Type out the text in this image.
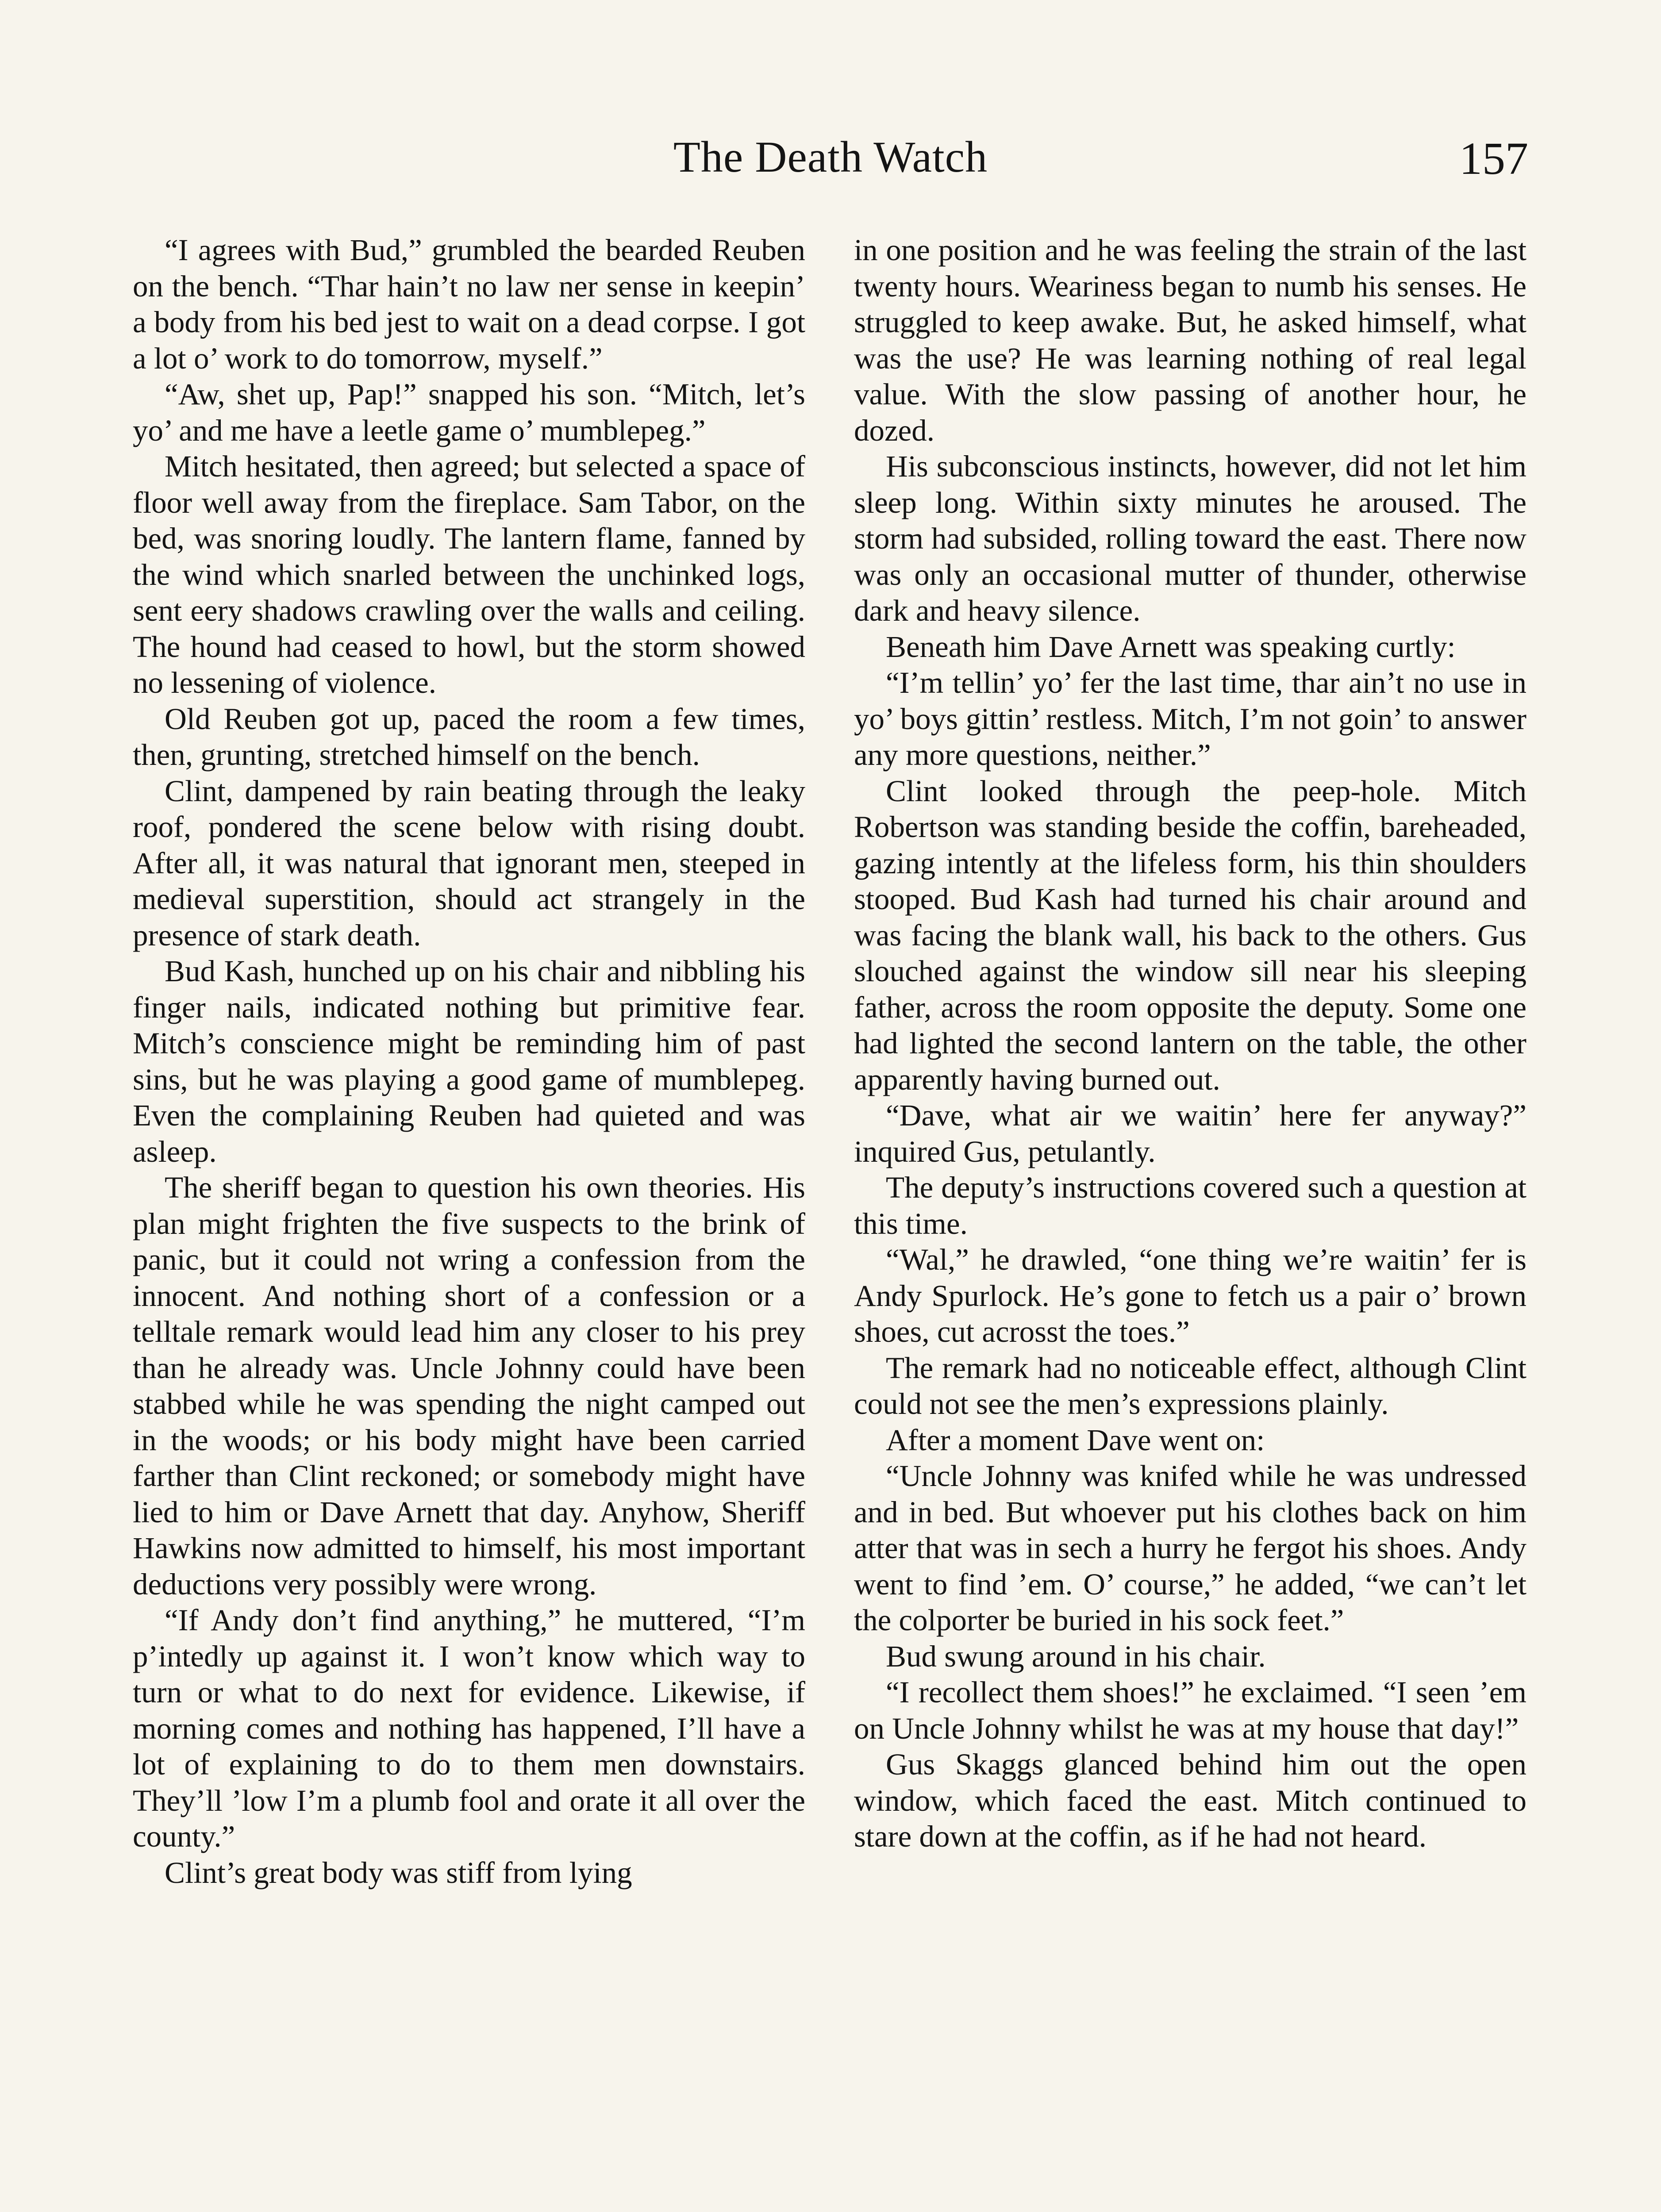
The Death Watch	157

“I agrees with Bud,” grumbled the bearded Reuben on the bench. “Thar hain’t no law ner sense in keepin’ a body from his bed jest to wait on a dead corpse. I got a lot o’ work to do tomorrow, myself.”

“Aw, shet up, Pap!” snapped his son. “Mitch, let’s yo’ and me have a leetle game o’ mumblepeg.”

Mitch hesitated, then agreed; but selected a space of floor well away from the fireplace. Sam Tabor, on the bed, was snoring loudly. The lantern flame, fanned by the wind which snarled between the unchinked logs, sent eery shadows crawling over the walls and ceiling. The hound had ceased to howl, but the storm showed no lessening of violence.

Old Reuben got up, paced the room a few times, then, grunting, stretched himself on the bench.

Clint, dampened by rain beating through the leaky roof, pondered the scene below with rising doubt. After all, it was natural that ignorant men, steeped in medieval superstition, should act strangely in the presence of stark death.

Bud Kash, hunched up on his chair and nibbling his finger nails, indicated nothing but primitive fear. Mitch’s conscience might be reminding him of past sins, but he was playing a good game of mumblepeg. Even the complaining Reuben had quieted and was asleep.

The sheriff began to question his own theories. His plan might frighten the five suspects to the brink of panic, but it could not wring a confession from the innocent. And nothing short of a confession or a telltale remark would lead him any closer to his prey than he already was. Uncle Johnny could have been stabbed while he was spending the night camped out in the woods; or his body might have been carried farther than Clint reckoned; or somebody might have lied to him or Dave Arnett that day. Anyhow, Sheriff Hawkins now admitted to himself, his most important deductions very possibly were wrong.

“If Andy don’t find anything,” he muttered, “I’m p’intedly up against it. I won’t know which way to turn or what to do next for evidence. Likewise, if morning comes and nothing has happened, I’ll have a lot of explaining to do to them men downstairs. They’ll ’low I’m a plumb fool and orate it all over the county.”

Clint’s great body was stiff from lying

in one position and he was feeling the strain of the last twenty hours. Weariness began to numb his senses. He struggled to keep awake. But, he asked himself, what was the use? He was learning nothing of real legal value. With the slow passing of another hour, he dozed.

His subconscious instincts, however, did not let him sleep long. Within sixty minutes he aroused. The storm had subsided, rolling toward the east. There now was only an occasional mutter of thunder, otherwise dark and heavy silence.

Beneath him Dave Arnett was speaking curtly:

“I’m tellin’ yo’ fer the last time, thar ain’t no use in yo’ boys gittin’ restless. Mitch, I’m not goin’ to answer any more questions, neither.”

Clint looked through the peep-hole. Mitch Robertson was standing beside the coffin, bareheaded, gazing intently at the lifeless form, his thin shoulders stooped. Bud Kash had turned his chair around and was facing the blank wall, his back to the others. Gus slouched against the window sill near his sleeping father, across the room opposite the deputy. Some one had lighted the second lantern on the table, the other apparently having burned out.

“Dave, what air we waitin’ here fer anyway?” inquired Gus, petulantly.

The deputy’s instructions covered such a question at this time.

“Wal,” he drawled, “one thing we’re waitin’ fer is Andy Spurlock. He’s gone to fetch us a pair o’ brown shoes, cut acrosst the toes.”

The remark had no noticeable effect, although Clint could not see the men’s expressions plainly.

After a moment Dave went on:

“Uncle Johnny was knifed while he was undressed and in bed. But whoever put his clothes back on him atter that was in sech a hurry he fergot his shoes. Andy went to find ’em. O’ course,” he added, “we can’t let the colporter be buried in his sock feet.”

Bud swung around in his chair.

“I recollect them shoes!” he exclaimed. “I seen ’em on Uncle Johnny whilst he was at my house that day!”

Gus Skaggs glanced behind him out the open window, which faced the east. Mitch continued to stare down at the coffin, as if he had not heard.
